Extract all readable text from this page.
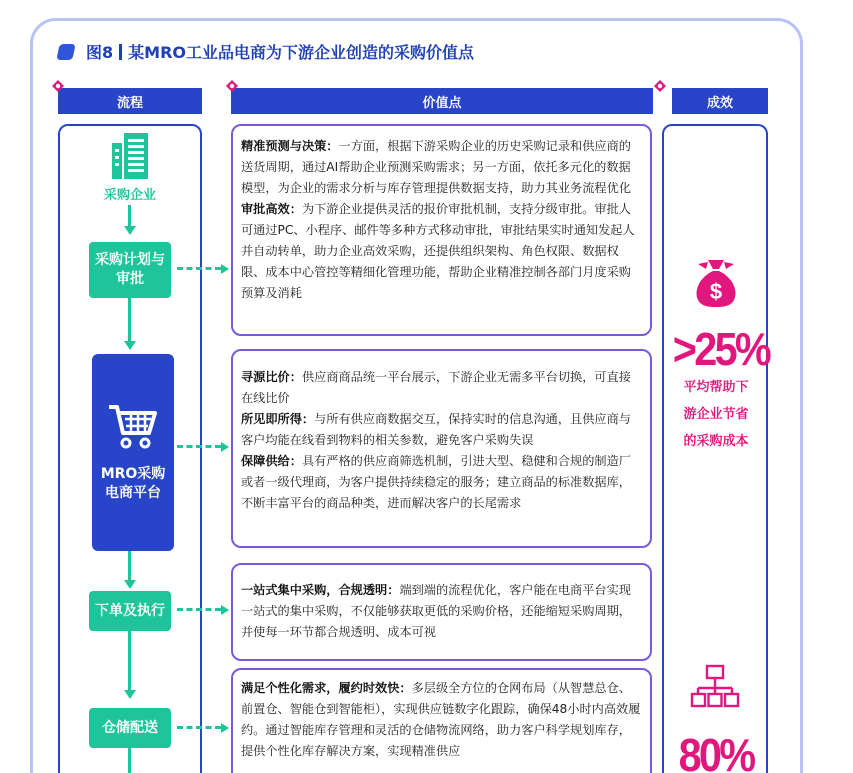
图8 某MRO工业品电商为下游企业创造的采购价值点
流程	价值点	成效
采购企业
采购计划与
审批
MRO采购
电商平台
下单及执行
仓储配送
精准预测与决策：一方面，根据下游采购企业的历史采购记录和供应商的送货周期，通过AI帮助企业预测采购需求；另一方面，依托多元化的数据模型，为企业的需求分析与库存管理提供数据支持，助力其业务流程优化
审批高效：为下游企业提供灵活的报价审批机制，支持分级审批。审批人可通过PC、小程序、邮件等多种方式移动审批，审批结果实时通知发起人并自动转单，助力企业高效采购，还提供组织架构、角色权限、数据权限、成本中心管控等精细化管理功能，帮助企业精准控制各部门月度采购预算及消耗
寻源比价：供应商商品统一平台展示，下游企业无需多平台切换，可直接在线比价
所见即所得：与所有供应商数据交互，保持实时的信息沟通，且供应商与客户均能在线看到物料的相关参数，避免客户采购失误
保障供给：具有严格的供应商筛选机制，引进大型、稳健和合规的制造厂或者一级代理商，为客户提供持续稳定的服务；建立商品的标准数据库，不断丰富平台的商品种类，进而解决客户的长尾需求
一站式集中采购，合规透明：端到端的流程优化，客户能在电商平台实现一站式的集中采购，不仅能够获取更低的采购价格，还能缩短采购周期，并使每一环节都合规透明、成本可视
满足个性化需求，履约时效快：多层级全方位的仓网布局（从智慧总仓、前置仓、智能仓到智能柜），实现供应链数字化跟踪，确保48小时内高效履约。通过智能库存管理和灵活的仓储物流网络，助力客户科学规划库存，提供个性化库存解决方案，实现精准供应
$
>25%
平均帮助下
游企业节省
的采购成本
80%
